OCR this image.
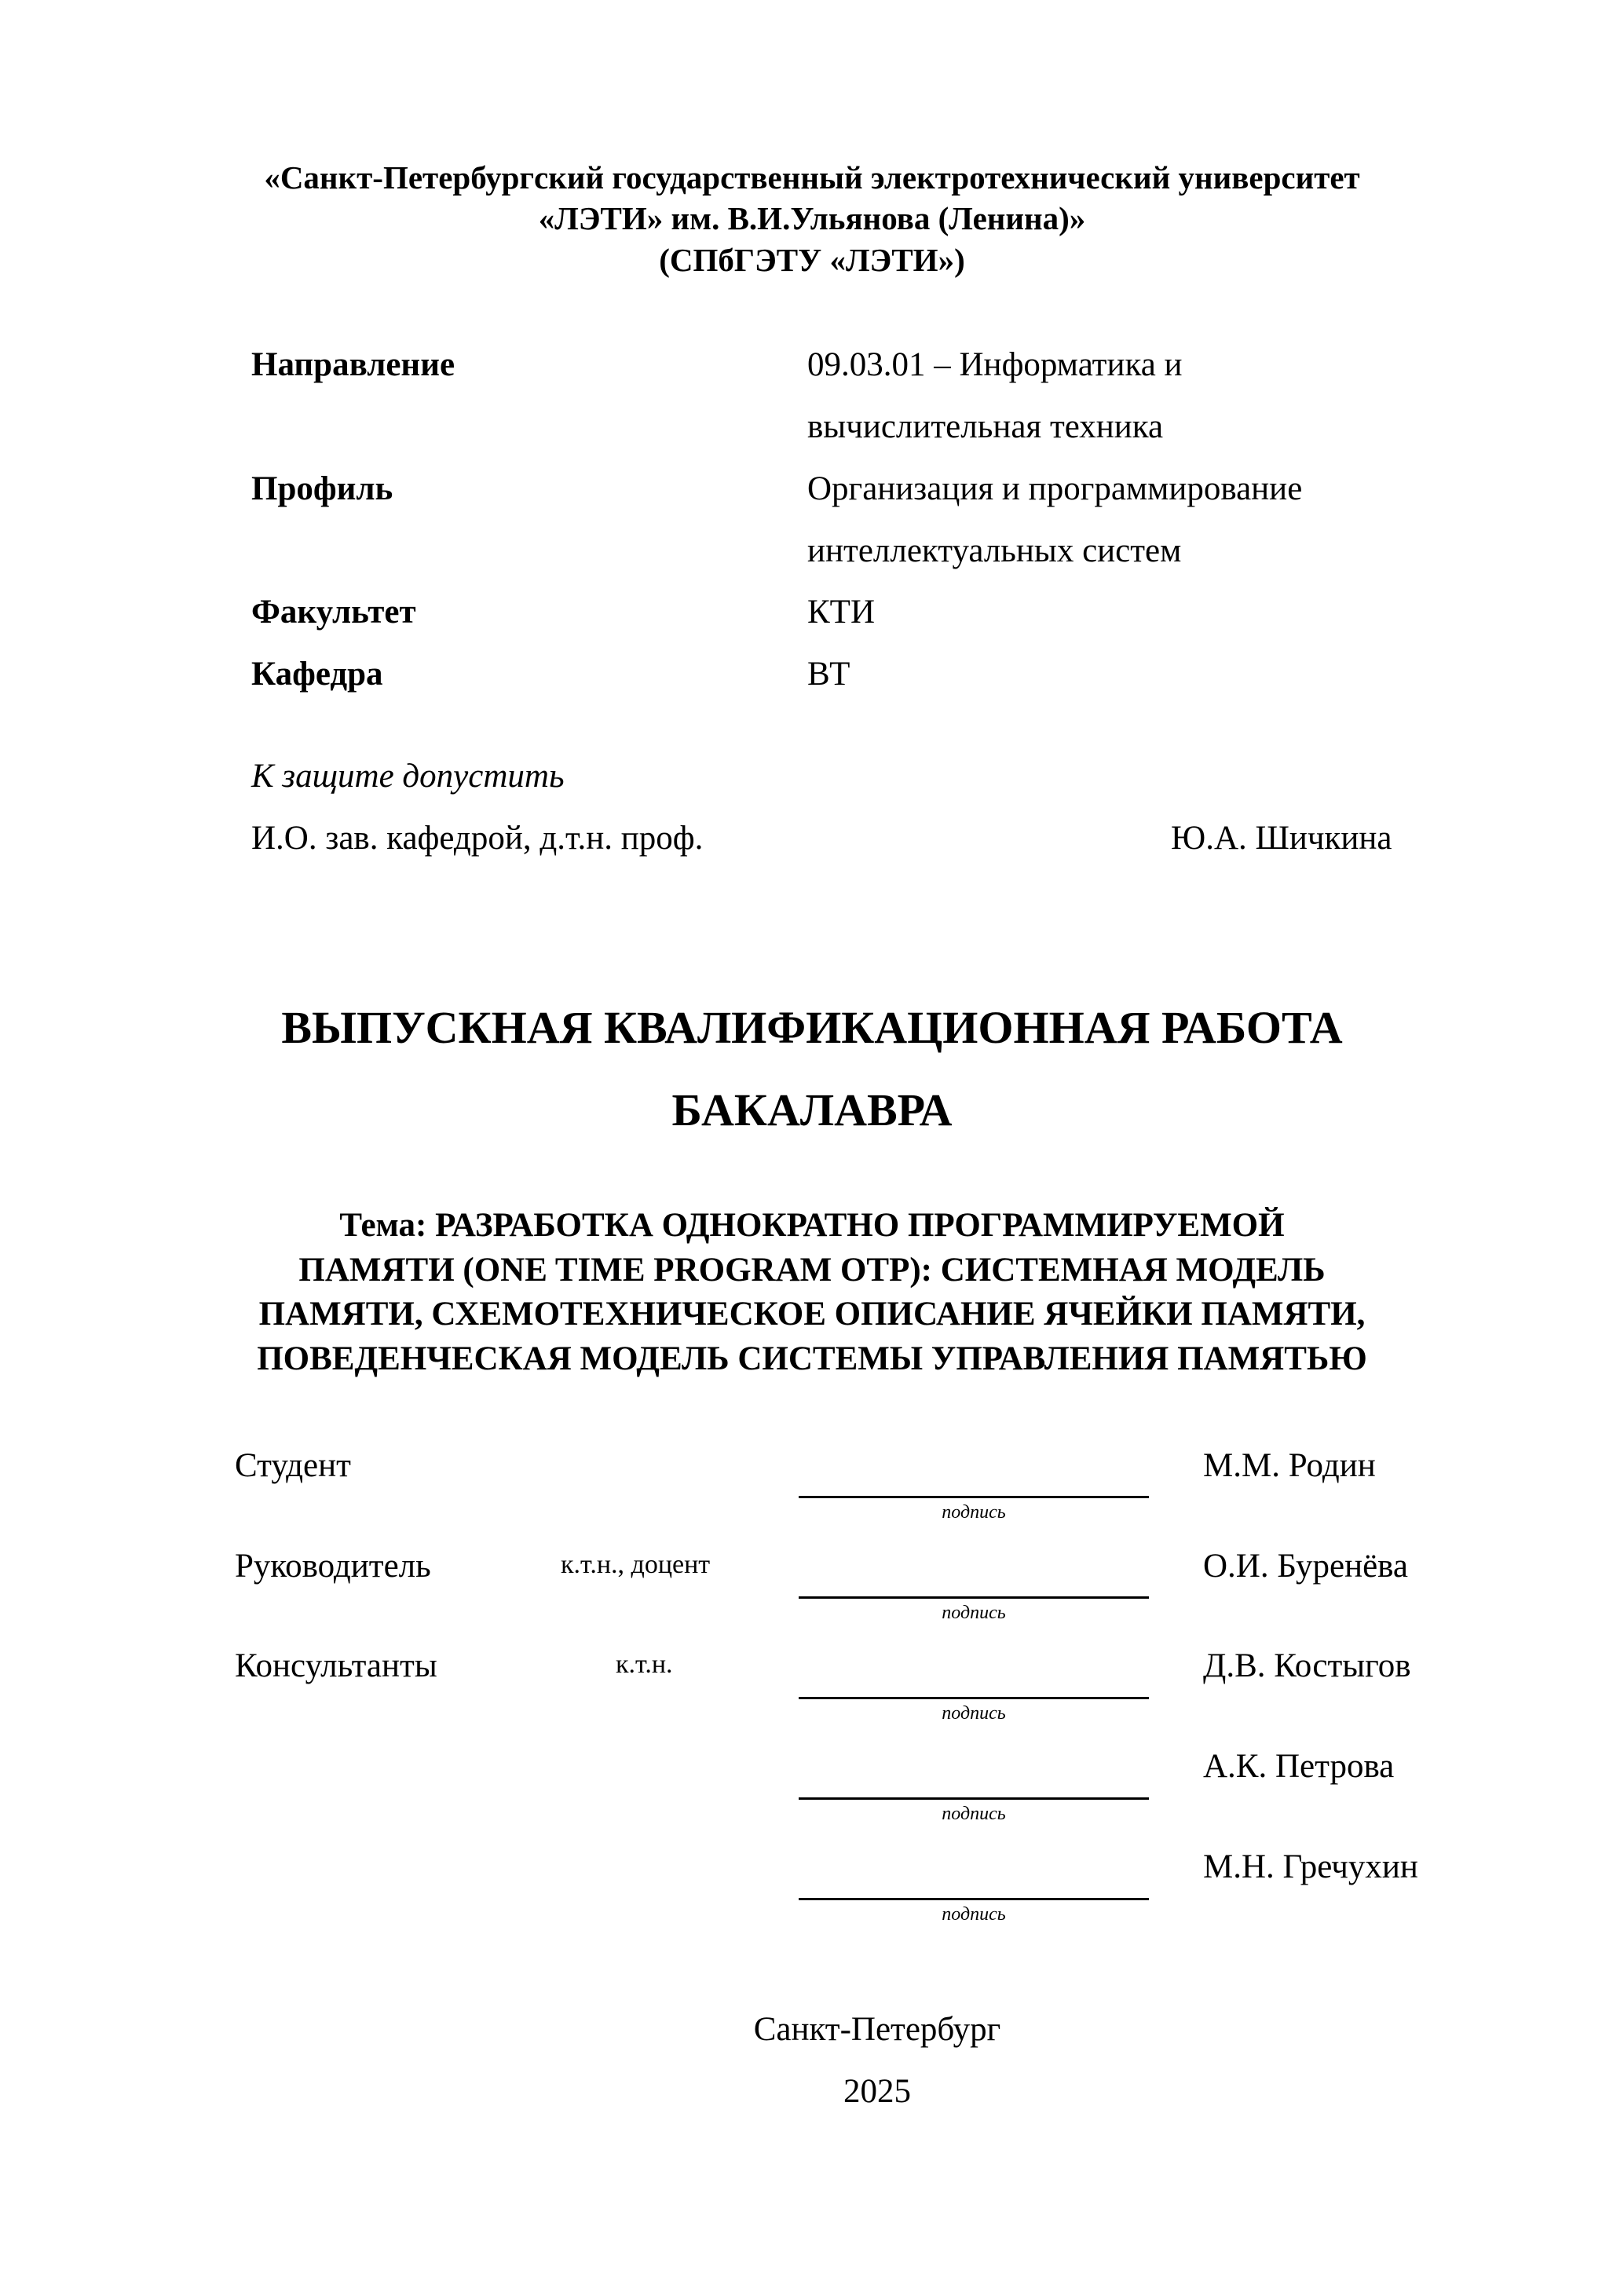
«Санкт-Петербургский государственный электротехнический университет
«ЛЭТИ» им. В.И.Ульянова (Ленина)»
(СПбГЭТУ «ЛЭТИ»)
Направление	09.03.01 – Информатика и
вычислительная техника
Профиль	Организация и программирование
интеллектуальных систем
Факультет	КТИ
Кафедра	ВТ
К защите допустить
И.О. зав. кафедрой, д.т.н. проф.	Ю.А. Шичкина
ВЫПУСКНАЯ КВАЛИФИКАЦИОННАЯ РАБОТА
БАКАЛАВРА
Тема: РАЗРАБОТКА ОДНОКРАТНО ПРОГРАММИРУЕМОЙ
ПАМЯТИ (ONE TIME PROGRAM OTP): СИСТЕМНАЯ МОДЕЛЬ
ПАМЯТИ, СХЕМОТЕХНИЧЕСКОЕ ОПИСАНИЕ ЯЧЕЙКИ ПАМЯТИ,
ПОВЕДЕНЧЕСКАЯ МОДЕЛЬ СИСТЕМЫ УПРАВЛЕНИЯ ПАМЯТЬЮ
Студент	М.М. Родин
подпись
Руководитель	к.т.н., доцент	О.И. Буренёва
подпись
Консультанты	к.т.н.	Д.В. Костыгов
подпись
А.К. Петрова
подпись
М.Н. Гречухин
подпись
Санкт-Петербург
2025
